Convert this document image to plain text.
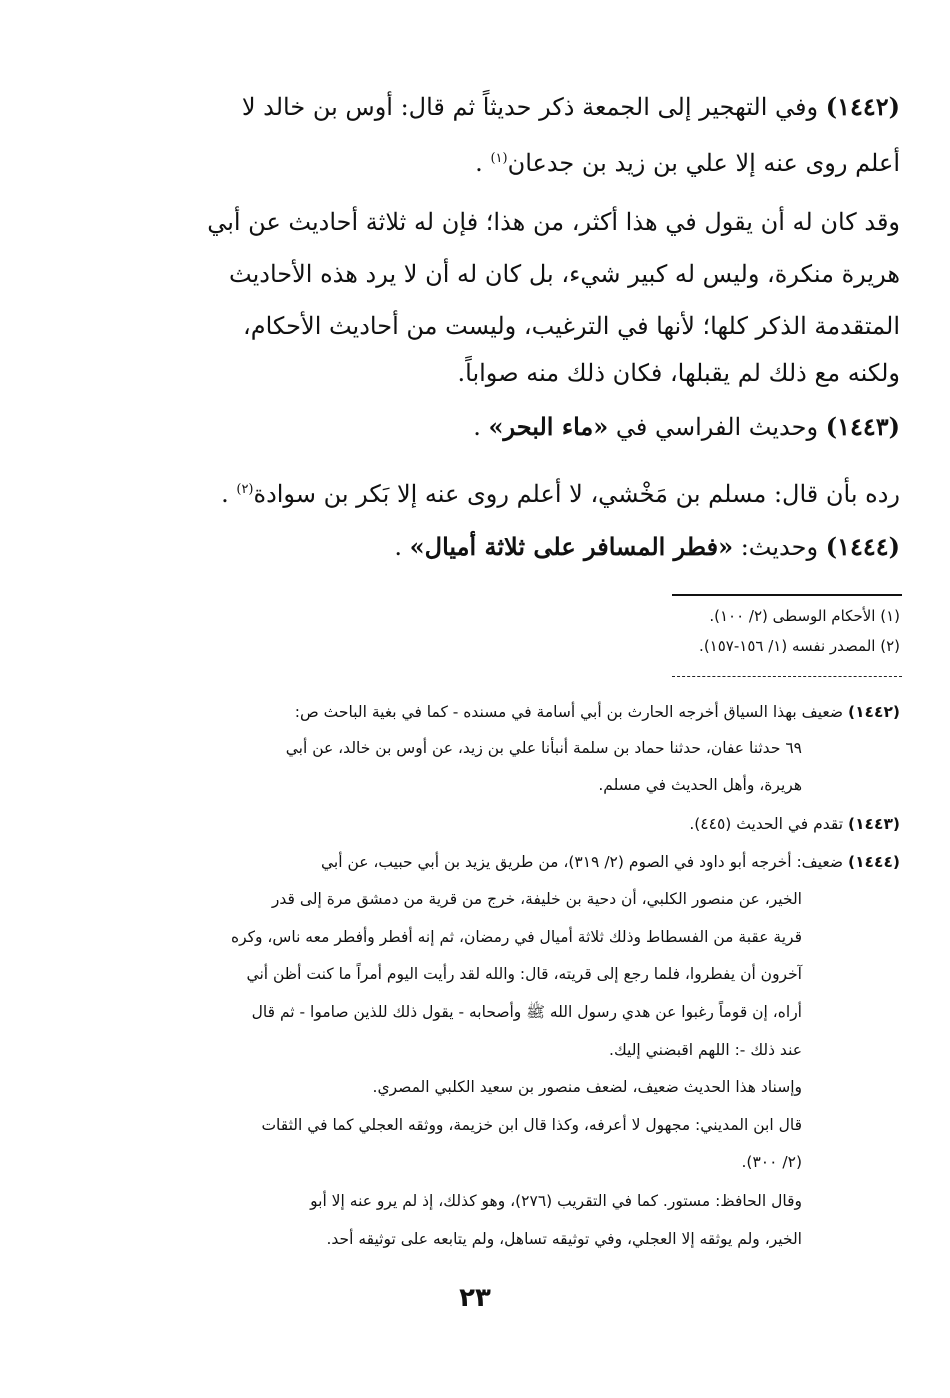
(١٤٤٢) وفي التهجير إلى الجمعة ذكر حديثاً ثم قال: أوس بن خالد لا
أعلم روى عنه إلا علي بن زيد بن جدعان$^{(١)}$ .
وقد كان له أن يقول في هذا أكثر، من هذا؛ فإن له ثلاثة أحاديث عن أبي
هريرة منكرة، وليس له كبير شيء، بل كان له أن لا يرد هذه الأحاديث
المتقدمة الذكر كلها؛ لأنها في الترغيب، وليست من أحاديث الأحكام،
ولكنه مع ذلك لم يقبلها، فكان ذلك منه صواباً.
(١٤٤٣) وحديث الفراسي في «ماء البحر» .
رده بأن قال: مسلم بن مَخْشي، لا أعلم روى عنه إلا بَكر بن سوادة$^{(٢)}$ .
(١٤٤٤) وحديث: «فطر المسافر على ثلاثة أميال» .
(١) الأحكام الوسطى (٢/ ١٠٠).
(٢) المصدر نفسه (١/ ١٥٦-١٥٧).
(١٤٤٢) ضعيف بهذا السياق أخرجه الحارث بن أبي أسامة في مسنده - كما في بغية الباحث ص:
٦٩ حدثنا عفان، حدثنا حماد بن سلمة أنبأنا علي بن زيد، عن أوس بن خالد، عن أبي
هريرة، وأهل الحديث في مسلم.
(١٤٤٣) تقدم في الحديث (٤٤٥).
(١٤٤٤) ضعيف: أخرجه أبو داود في الصوم (٢/ ٣١٩)، من طريق يزيد بن أبي حبيب، عن أبي
الخير، عن منصور الكلبي، أن دحية بن خليفة، خرج من قرية من دمشق مرة إلى قدر
قرية عقبة من الفسطاط وذلك ثلاثة أميال في رمضان، ثم إنه أفطر وأفطر معه ناس، وكره
آخرون أن يفطروا، فلما رجع إلى قريته، قال: والله لقد رأيت اليوم أمراً ما كنت أظن أني
أراه، إن قوماً رغبوا عن هدي رسول الله ﷺ وأصحابه - يقول ذلك للذين صاموا - ثم قال
عند ذلك -: اللهم اقبضني إليك.
وإسناد هذا الحديث ضعيف، لضعف منصور بن سعيد الكلبي المصري.
قال ابن المديني: مجهول لا أعرفه، وكذا قال ابن خزيمة، ووثقه العجلي كما في الثقات
(٢/ ٣٠٠).
وقال الحافظ: مستور. كما في التقريب (٢٧٦)، وهو كذلك، إذ لم يرو عنه إلا أبو
الخير، ولم يوثقه إلا العجلي، وفي توثيقه تساهل، ولم يتابعه على توثيقه أحد.
٢٣
